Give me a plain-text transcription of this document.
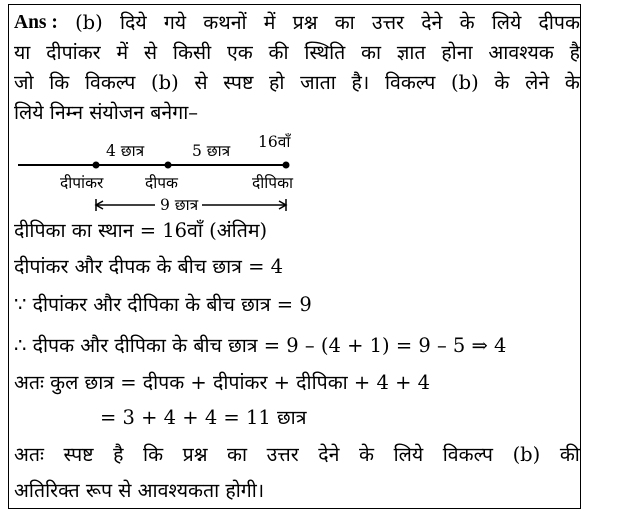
Ans : (b) दिये गये कथनों में प्रश्न का उत्तर देने के लिये दीपक
या दीपांकर में से किसी एक की स्थिति का ज्ञात होना आवश्यक है
जो कि विकल्प (b) से स्पष्ट हो जाता है। विकल्प (b) के लेने के
लिये निम्न संयोजन बनेगा–
4 छात्र	5 छात्र 16वाँ
दीपांकर	दीपक	दीपिका
9 छात्र
दीपिका का स्थान = 16वाँ (अंतिम)
दीपांकर और दीपक के बीच छात्र = 4
∵ दीपांकर और दीपिका के बीच छात्र = 9
∴ दीपक और दीपिका के बीच छात्र = 9 – (4 + 1) = 9 – 5 ⇒ 4
अतः कुल छात्र = दीपक + दीपांकर + दीपिका + 4 + 4
= 3 + 4 + 4 = 11 छात्र
अतः स्पष्ट है कि प्रश्न का उत्तर देने के लिये विकल्प (b) की
अतिरिक्त रूप से आवश्यकता होगी।
